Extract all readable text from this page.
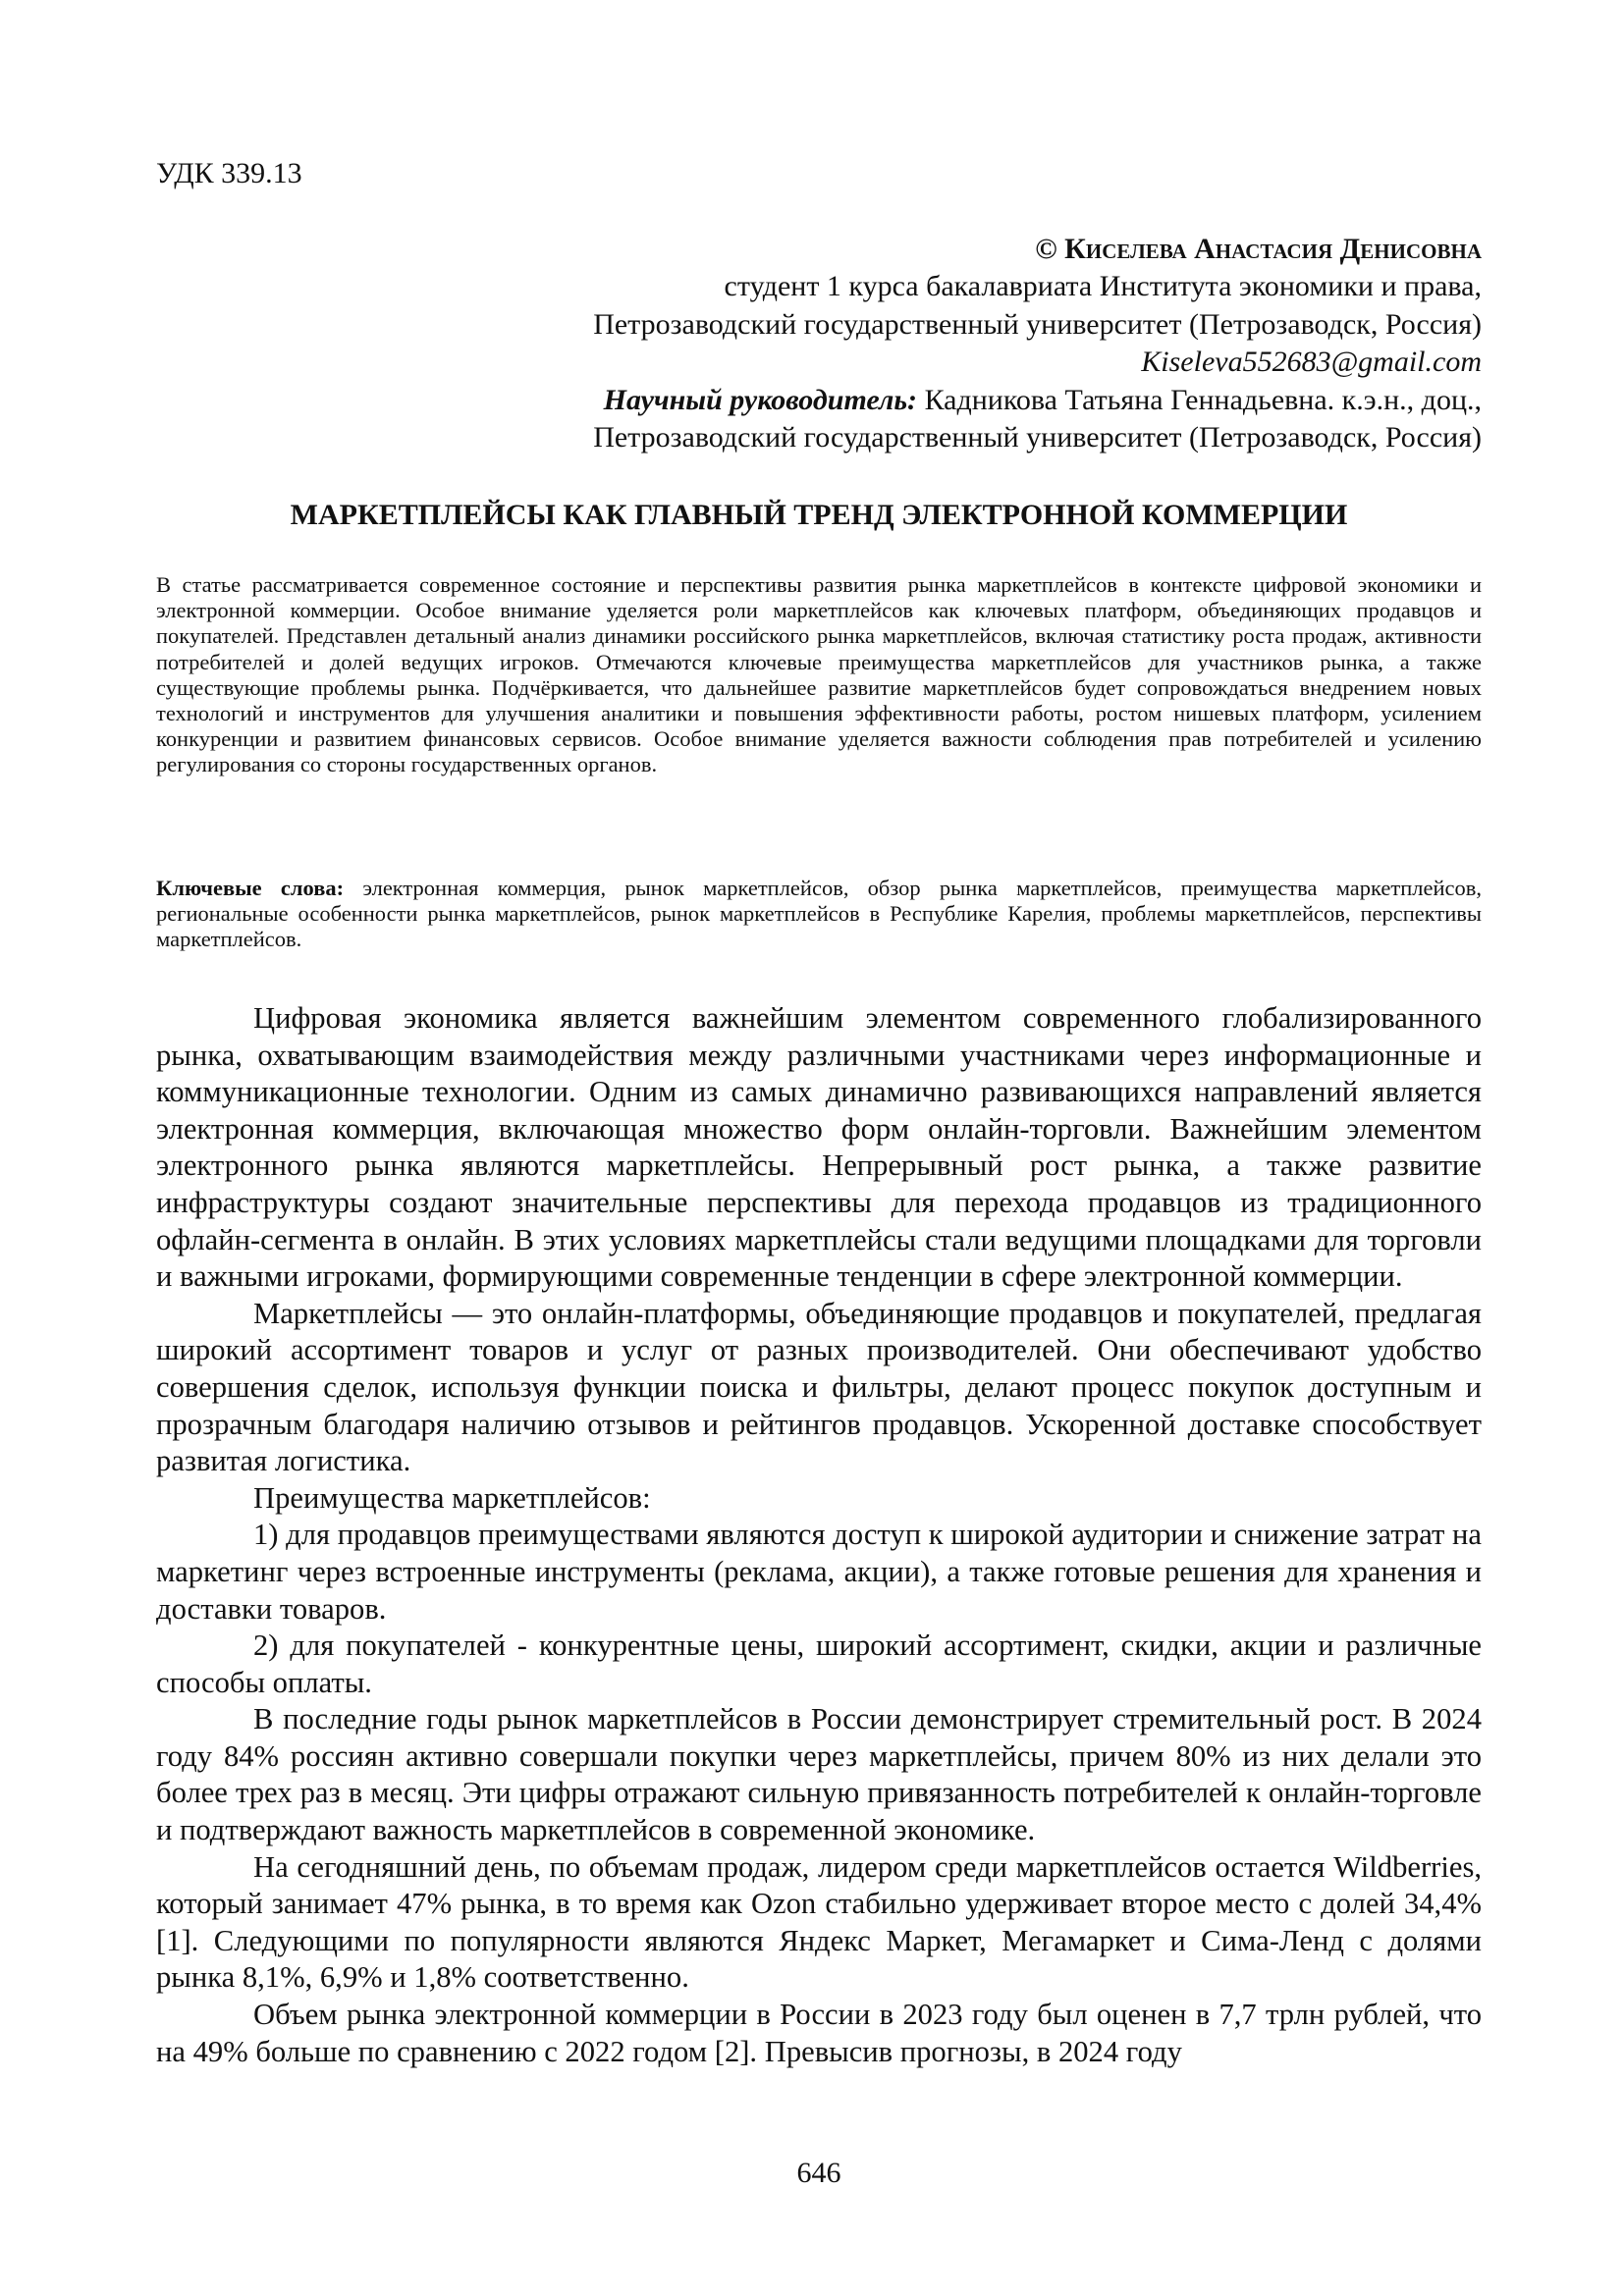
УДК 339.13
© Киселева Анастасия Денисовна
студент 1 курса бакалавриата Института экономики и права,
Петрозаводский государственный университет (Петрозаводск, Россия)
Kiseleva552683@gmail.com
Научный руководитель: Кадникова Татьяна Геннадьевна. к.э.н., доц.,
Петрозаводский государственный университет (Петрозаводск, Россия)
МАРКЕТПЛЕЙСЫ КАК ГЛАВНЫЙ ТРЕНД ЭЛЕКТРОННОЙ КОММЕРЦИИ

В статье рассматривается современное состояние и перспективы развития рынка маркетплейсов в контексте цифровой экономики и электронной коммерции. Особое внимание уделяется роли маркетплейсов как ключевых платформ, объединяющих продавцов и покупателей. Представлен детальный анализ динамики российского рынка маркетплейсов, включая статистику роста продаж, активности потребителей и долей ведущих игроков. Отмечаются ключевые преимущества маркетплейсов для участников рынка, а также существующие проблемы рынка. Подчёркивается, что дальнейшее развитие маркетплейсов будет сопровождаться внедрением новых технологий и инструментов для улучшения аналитики и повышения эффективности работы, ростом нишевых платформ, усилением конкуренции и развитием финансовых сервисов. Особое внимание уделяется важности соблюдения прав потребителей и усилению регулирования со стороны государственных органов.

Ключевые слова: электронная коммерция, рынок маркетплейсов, обзор рынка маркетплейсов, преимущества маркетплейсов, региональные особенности рынка маркетплейсов, рынок маркетплейсов в Республике Карелия, проблемы маркетплейсов, перспективы маркетплейсов.

Цифровая экономика является важнейшим элементом современного глобализированного рынка, охватывающим взаимодействия между различными участниками через информационные и коммуникационные технологии. Одним из самых динамично развивающихся направлений является электронная коммерция, включающая множество форм онлайн-торговли. Важнейшим элементом электронного рынка являются маркетплейсы. Непрерывный рост рынка, а также развитие инфраструктуры создают значительные перспективы для перехода продавцов из традиционного офлайн-сегмента в онлайн. В этих условиях маркетплейсы стали ведущими площадками для торговли и важными игроками, формирующими современные тенденции в сфере электронной коммерции.

Маркетплейсы — это онлайн-платформы, объединяющие продавцов и покупателей, предлагая широкий ассортимент товаров и услуг от разных производителей. Они обеспечивают удобство совершения сделок, используя функции поиска и фильтры, делают процесс покупок доступным и прозрачным благодаря наличию отзывов и рейтингов продавцов. Ускоренной доставке способствует развитая логистика.

Преимущества маркетплейсов:

1) для продавцов преимуществами являются доступ к широкой аудитории и снижение затрат на маркетинг через встроенные инструменты (реклама, акции), а также готовые решения для хранения и доставки товаров.

2) для покупателей - конкурентные цены, широкий ассортимент, скидки, акции и различные способы оплаты.

В последние годы рынок маркетплейсов в России демонстрирует стремительный рост. В 2024 году 84% россиян активно совершали покупки через маркетплейсы, причем 80% из них делали это более трех раз в месяц. Эти цифры отражают сильную привязанность потребителей к онлайн-торговле и подтверждают важность маркетплейсов в современной экономике.

На сегодняшний день, по объемам продаж, лидером среди маркетплейсов остается Wildberries, который занимает 47% рынка, в то время как Ozon стабильно удерживает второе место с долей 34,4% [1]. Следующими по популярности являются Яндекс Маркет, Мегамаркет и Сима-Ленд с долями рынка 8,1%, 6,9% и 1,8% соответственно.

Объем рынка электронной коммерции в России в 2023 году был оценен в 7,7 трлн рублей, что на 49% больше по сравнению с 2022 годом [2]. Превысив прогнозы, в 2024 году

646
